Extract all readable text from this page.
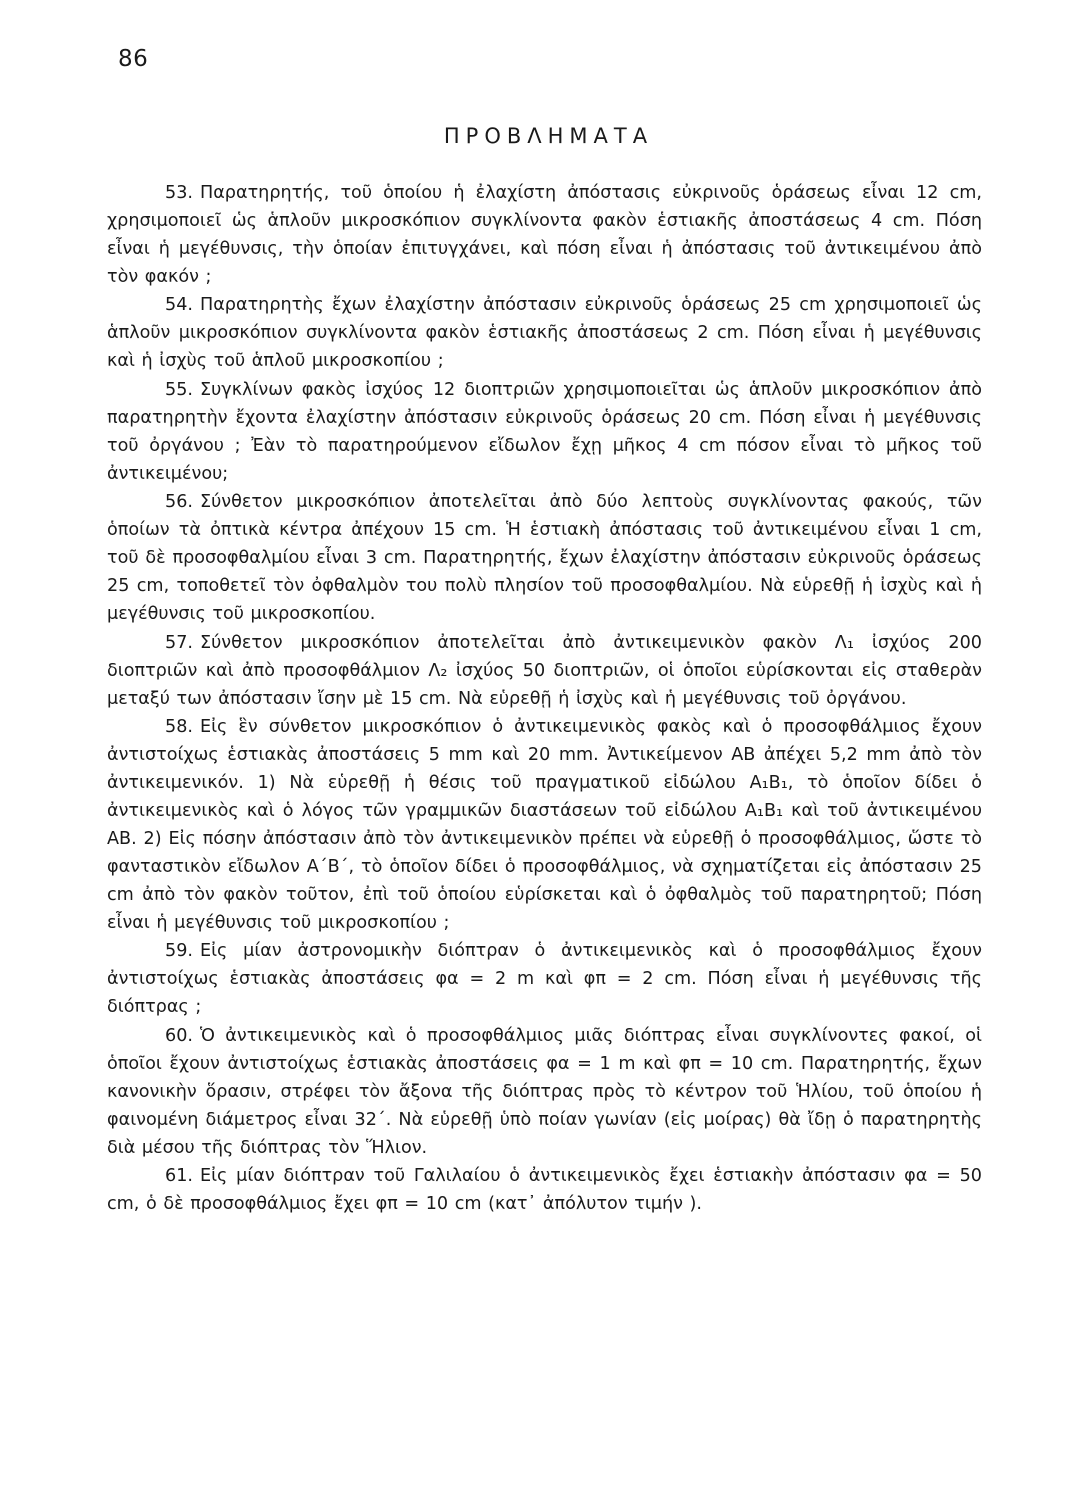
86
ΠΡΟΒΛΗΜΑΤΑ

53. Παρατηρητής, τοῦ ὁποίου ἡ ἐλαχίστη ἀπόστασις εὐκρινοῦς ὁράσεως εἶναι 12 cm, χρησιμοποιεῖ ὡς ἁπλοῦν μικροσκόπιον συγκλίνοντα φακὸν ἑστιακῆς ἀποστάσεως 4 cm. Πόση εἶναι ἡ μεγέθυνσις, τὴν ὁποίαν ἐπιτυγχάνει, καὶ πόση εἶναι ἡ ἀπόστασις τοῦ ἀντικειμένου ἀπὸ τὸν φακόν ;

54. Παρατηρητὴς ἔχων ἐλαχίστην ἀπόστασιν εὐκρινοῦς ὁράσεως 25 cm χρησιμοποιεῖ ὡς ἁπλοῦν μικροσκόπιον συγκλίνοντα φακὸν ἑστιακῆς ἀποστάσεως 2 cm. Πόση εἶναι ἡ μεγέθυνσις καὶ ἡ ἰσχὺς τοῦ ἁπλοῦ μικροσκοπίου ;

55. Συγκλίνων φακὸς ἰσχύος 12 διοπτριῶν χρησιμοποιεῖται ὡς ἁπλοῦν μικροσκόπιον ἀπὸ παρατηρητὴν ἔχοντα ἐλαχίστην ἀπόστασιν εὐκρινοῦς ὁράσεως 20 cm. Πόση εἶναι ἡ μεγέθυνσις τοῦ ὀργάνου ; Ἐὰν τὸ παρατηρούμενον εἴδωλον ἔχῃ μῆκος 4 cm πόσον εἶναι τὸ μῆκος τοῦ ἀντικειμένου;

56. Σύνθετον μικροσκόπιον ἀποτελεῖται ἀπὸ δύο λεπτοὺς συγκλίνοντας φακούς, τῶν ὁποίων τὰ ὀπτικὰ κέντρα ἀπέχουν 15 cm. Ἡ ἑστιακὴ ἀπόστασις τοῦ ἀντικειμένου εἶναι 1 cm, τοῦ δὲ προσοφθαλμίου εἶναι 3 cm. Παρατηρητής, ἔχων ἐλαχίστην ἀπόστασιν εὐκρινοῦς ὁράσεως 25 cm, τοποθετεῖ τὸν ὀφθαλμὸν του πολὺ πλησίον τοῦ προσοφθαλμίου. Νὰ εὑρεθῇ ἡ ἰσχὺς καὶ ἡ μεγέθυνσις τοῦ μικροσκοπίου.

57. Σύνθετον μικροσκόπιον ἀποτελεῖται ἀπὸ ἀντικειμενικὸν φακὸν Λ₁ ἰσχύος 200 διοπτριῶν καὶ ἀπὸ προσοφθάλμιον Λ₂ ἰσχύος 50 διοπτριῶν, οἱ ὁποῖοι εὑρίσκονται εἰς σταθερὰν μεταξύ των ἀπόστασιν ἴσην μὲ 15 cm. Νὰ εὑρεθῇ ἡ ἰσχὺς καὶ ἡ μεγέθυνσις τοῦ ὀργάνου.

58. Εἰς ἓν σύνθετον μικροσκόπιον ὁ ἀντικειμενικὸς φακὸς καὶ ὁ προσοφθάλμιος ἔχουν ἀντιστοίχως ἑστιακὰς ἀποστάσεις 5 mm καὶ 20 mm. Ἀντικείμενον ΑΒ ἀπέχει 5,2 mm ἀπὸ τὸν ἀντικειμενικόν. 1) Νὰ εὑρεθῇ ἡ θέσις τοῦ πραγματικοῦ εἰδώλου Α₁Β₁, τὸ ὁποῖον δίδει ὁ ἀντικειμενικὸς καὶ ὁ λόγος τῶν γραμμικῶν διαστάσεων τοῦ εἰδώλου Α₁Β₁ καὶ τοῦ ἀντικειμένου ΑΒ. 2) Εἰς πόσην ἀπόστασιν ἀπὸ τὸν ἀντικειμενικὸν πρέπει νὰ εὑρεθῇ ὁ προσοφθάλμιος, ὥστε τὸ φανταστικὸν εἴδωλον Α΄Β΄, τὸ ὁποῖον δίδει ὁ προσοφθάλμιος, νὰ σχηματίζεται εἰς ἀπόστασιν 25 cm ἀπὸ τὸν φακὸν τοῦτον, ἐπὶ τοῦ ὁποίου εὑρίσκεται καὶ ὁ ὀφθαλμὸς τοῦ παρατηρητοῦ; Πόση εἶναι ἡ μεγέθυνσις τοῦ μικροσκοπίου ;

59. Εἰς μίαν ἀστρονομικὴν διόπτραν ὁ ἀντικειμενικὸς καὶ ὁ προσοφθάλμιος ἔχουν ἀντιστοίχως ἑστιακὰς ἀποστάσεις φα = 2 m καὶ φπ = 2 cm. Πόση εἶναι ἡ μεγέθυνσις τῆς διόπτρας ;

60. Ὁ ἀντικειμενικὸς καὶ ὁ προσοφθάλμιος μιᾶς διόπτρας εἶναι συγκλίνοντες φακοί, οἱ ὁποῖοι ἔχουν ἀντιστοίχως ἑστιακὰς ἀποστάσεις φα = 1 m καὶ φπ = 10 cm. Παρατηρητής, ἔχων κανονικὴν ὅρασιν, στρέφει τὸν ἄξονα τῆς διόπτρας πρὸς τὸ κέντρον τοῦ Ἡλίου, τοῦ ὁποίου ἡ φαινομένη διάμετρος εἶναι 32΄. Νὰ εὑρεθῇ ὑπὸ ποίαν γωνίαν (εἰς μοίρας) θὰ ἴδῃ ὁ παρατηρητὴς διὰ μέσου τῆς διόπτρας τὸν Ἥλιον.

61. Εἰς μίαν διόπτραν τοῦ Γαλιλαίου ὁ ἀντικειμενικὸς ἔχει ἑστιακὴν ἀπόστασιν φα = 50 cm, ὁ δὲ προσοφθάλμιος ἔχει φπ = 10 cm (κατ᾽ ἀπόλυτον τιμήν ).
